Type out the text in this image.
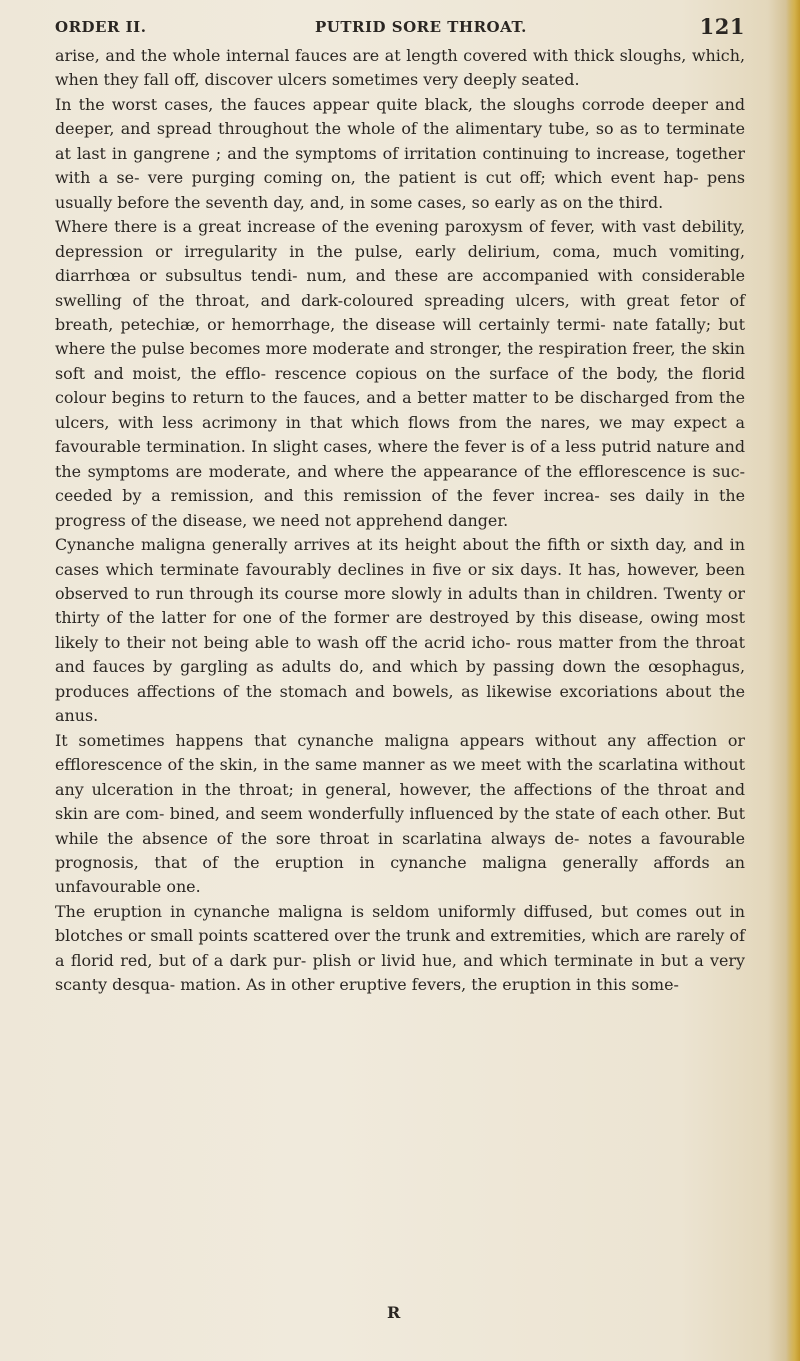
ORDER II.	PUTRID SORE THROAT.	121

arise, and the whole internal fauces are at length covered with thick sloughs, which, when they fall off, discover ulcers sometimes very deeply seated.

In the worst cases, the fauces appear quite black, the sloughs corrode deeper and deeper, and spread throughout the whole of the alimentary tube, so as to terminate at last in gangrene ; and the symptoms of irritation continuing to increase, together with a se- vere purging coming on, the patient is cut off; which event hap- pens usually before the seventh day, and, in some cases, so early as on the third.

Where there is a great increase of the evening paroxysm of fever, with vast debility, depression or irregularity in the pulse, early delirium, coma, much vomiting, diarrhœa or subsultus tendi- num, and these are accompanied with considerable swelling of the throat, and dark-coloured spreading ulcers, with great fetor of breath, petechiæ, or hemorrhage, the disease will certainly termi- nate fatally; but where the pulse becomes more moderate and stronger, the respiration freer, the skin soft and moist, the efflo- rescence copious on the surface of the body, the florid colour begins to return to the fauces, and a better matter to be discharged from the ulcers, with less acrimony in that which flows from the nares, we may expect a favourable termination. In slight cases, where the fever is of a less putrid nature and the symptoms are moderate, and where the appearance of the efflorescence is suc- ceeded by a remission, and this remission of the fever increa- ses daily in the progress of the disease, we need not apprehend danger.

Cynanche maligna generally arrives at its height about the fifth or sixth day, and in cases which terminate favourably declines in five or six days. It has, however, been observed to run through its course more slowly in adults than in children. Twenty or thirty of the latter for one of the former are destroyed by this disease, owing most likely to their not being able to wash off the acrid icho- rous matter from the throat and fauces by gargling as adults do, and which by passing down the œsophagus, produces affections of the stomach and bowels, as likewise excoriations about the anus.

It sometimes happens that cynanche maligna appears without any affection or efflorescence of the skin, in the same manner as we meet with the scarlatina without any ulceration in the throat; in general, however, the affections of the throat and skin are com- bined, and seem wonderfully influenced by the state of each other. But while the absence of the sore throat in scarlatina always de- notes a favourable prognosis, that of the eruption in cynanche maligna generally affords an unfavourable one.

The eruption in cynanche maligna is seldom uniformly diffused, but comes out in blotches or small points scattered over the trunk and extremities, which are rarely of a florid red, but of a dark pur- plish or livid hue, and which terminate in but a very scanty desqua- mation. As in other eruptive fevers, the eruption in this some-

R
